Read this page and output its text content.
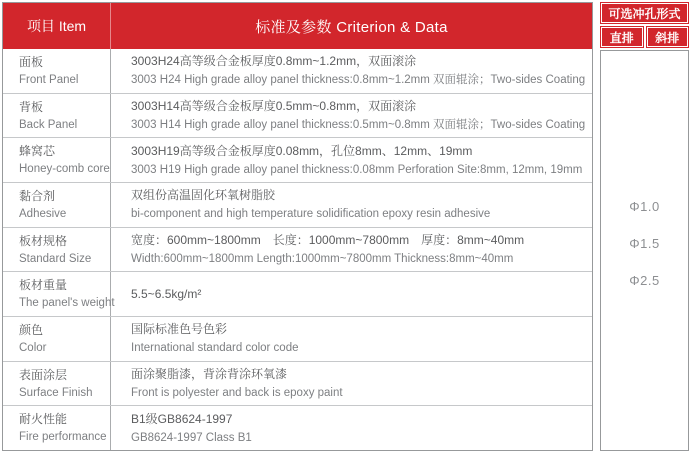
项目 Item	标准及参数 Criterion & Data
面板
Front Panel
3003H24高等级合金板厚度0.8mm~1.2mm，双面滚涂
3003 H24 High grade alloy panel thickness:0.8mm~1.2mm 双面辊涂；Two-sides Coating
背板
Back Panel
3003H14高等级合金板厚度0.5mm~0.8mm，双面滚涂
3003 H14 High grade alloy panel thickness:0.5mm~0.8mm 双面辊涂；Two-sides Coating
蜂窝芯
Honey-comb core
3003H19高等级合金板厚度0.08mm，孔位8mm、12mm、19mm
3003 H19 High grade alloy panel thickness:0.08mm Perforation Site:8mm, 12mm, 19mm
黏合剂
Adhesive
双组份高温固化环氧树脂胶
bi-component and high temperature solidification epoxy resin adhesive
板材规格
Standard Size
宽度：600mm~1800mm　长度：1000mm~7800mm　厚度：8mm~40mm
Width:600mm~1800mm Length:1000mm~7800mm Thickness:8mm~40mm
板材重量
The panel's weight
5.5~6.5kg/m²
颜色
Color
国际标准色号色彩
International standard color code
表面涂层
Surface Finish
面涂聚脂漆，背涂背涂环氧漆
Front is polyester and back is epoxy paint
耐火性能
Fire performance
B1级GB8624-1997
GB8624-1997 Class B1
可选冲孔形式
直排	斜排
Φ1.0
Φ1.5
Φ2.5
